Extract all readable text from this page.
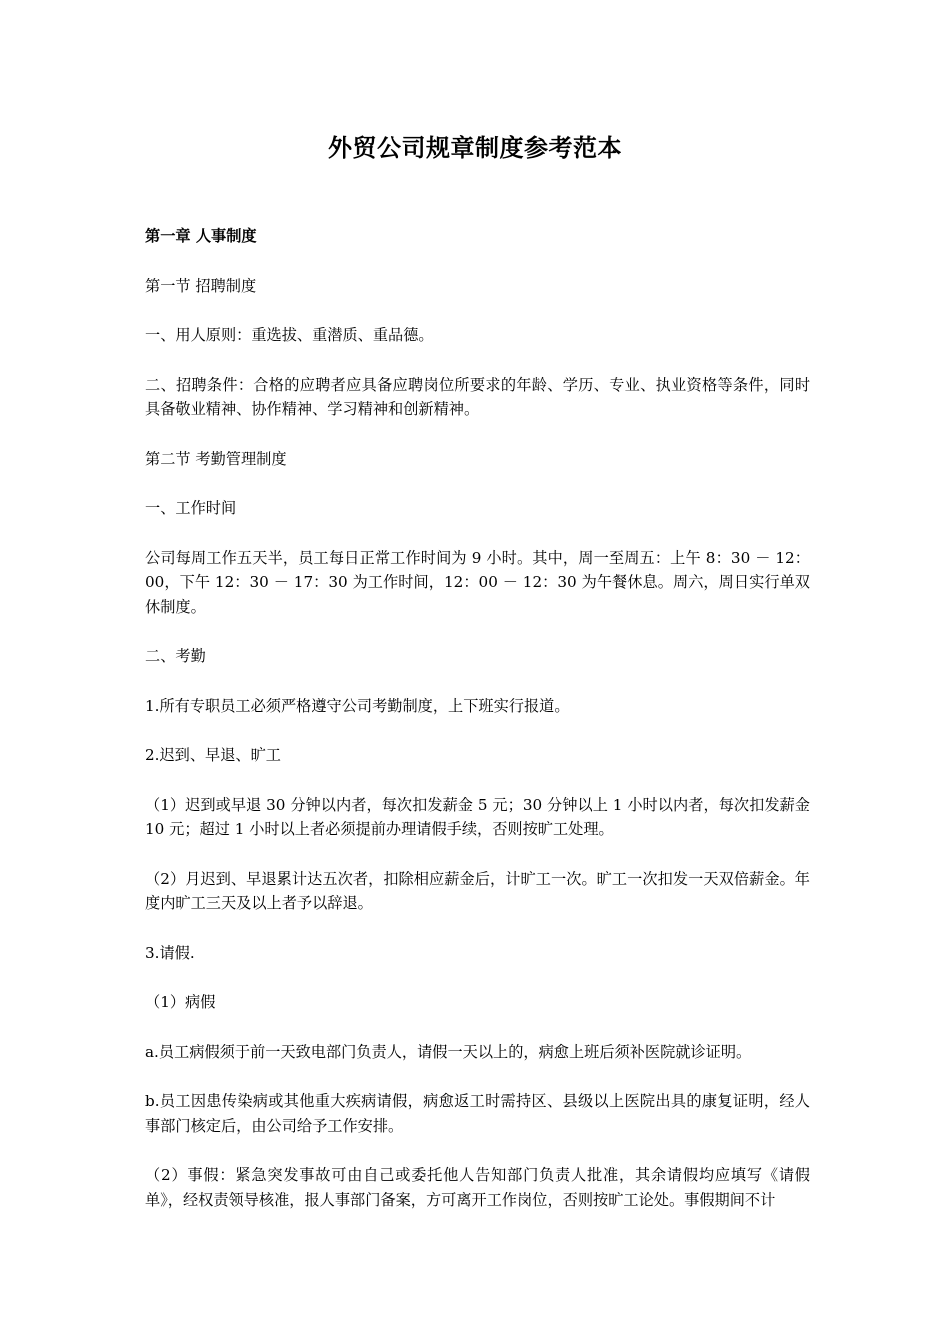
外贸公司规章制度参考范本

第一章 人事制度

第一节 招聘制度

一、用人原则：重选拔、重潜质、重品德。

二、招聘条件：合格的应聘者应具备应聘岗位所要求的年龄、学历、专业、执业资格等条件，同时具备敬业精神、协作精神、学习精神和创新精神。

第二节 考勤管理制度

一、工作时间

公司每周工作五天半，员工每日正常工作时间为 9 小时。其中，周一至周五：上午 8：30 － 12：00，下午 12：30 － 17：30 为工作时间，12：00 － 12：30 为午餐休息。周六，周日实行单双休制度。

二、考勤

1.所有专职员工必须严格遵守公司考勤制度，上下班实行报道。

2.迟到、早退、旷工

（1）迟到或早退 30 分钟以内者，每次扣发薪金 5 元；30 分钟以上 1 小时以内者，每次扣发薪金 10 元；超过 1 小时以上者必须提前办理请假手续，否则按旷工处理。

（2）月迟到、早退累计达五次者，扣除相应薪金后，计旷工一次。旷工一次扣发一天双倍薪金。年度内旷工三天及以上者予以辞退。

3.请假.

（1）病假

a.员工病假须于前一天致电部门负责人，请假一天以上的，病愈上班后须补医院就诊证明。

b.员工因患传染病或其他重大疾病请假，病愈返工时需持区、县级以上医院出具的康复证明，经人事部门核定后，由公司给予工作安排。

（2）事假：紧急突发事故可由自己或委托他人告知部门负责人批准，其余请假均应填写《请假单》，经权责领导核准，报人事部门备案，方可离开工作岗位，否则按旷工论处。事假期间不计
